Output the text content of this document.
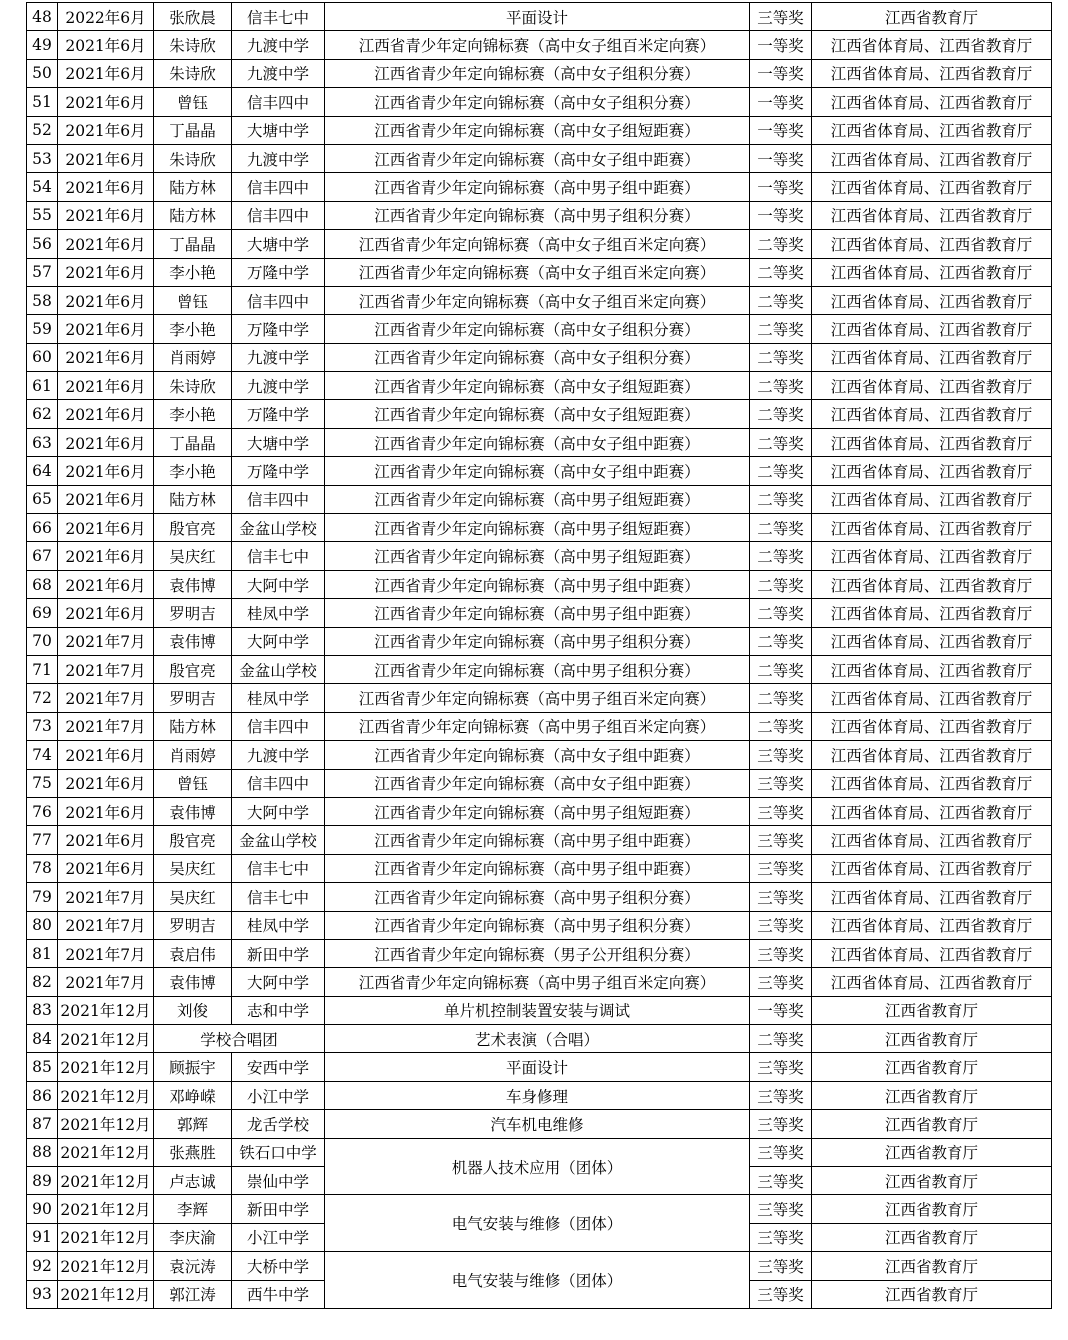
48	2022年6月	张欣晨	信丰七中	平面设计	三等奖	江西省教育厅
49	2021年6月	朱诗欣	九渡中学	江西省青少年定向锦标赛（高中女子组百米定向赛）	一等奖	江西省体育局、江西省教育厅
50	2021年6月	朱诗欣	九渡中学	江西省青少年定向锦标赛（高中女子组积分赛）	一等奖	江西省体育局、江西省教育厅
51	2021年6月	曾钰	信丰四中	江西省青少年定向锦标赛（高中女子组积分赛）	一等奖	江西省体育局、江西省教育厅
52	2021年6月	丁晶晶	大塘中学	江西省青少年定向锦标赛（高中女子组短距赛）	一等奖	江西省体育局、江西省教育厅
53	2021年6月	朱诗欣	九渡中学	江西省青少年定向锦标赛（高中女子组中距赛）	一等奖	江西省体育局、江西省教育厅
54	2021年6月	陆方林	信丰四中	江西省青少年定向锦标赛（高中男子组中距赛）	一等奖	江西省体育局、江西省教育厅
55	2021年6月	陆方林	信丰四中	江西省青少年定向锦标赛（高中男子组积分赛）	一等奖	江西省体育局、江西省教育厅
56	2021年6月	丁晶晶	大塘中学	江西省青少年定向锦标赛（高中女子组百米定向赛）	二等奖	江西省体育局、江西省教育厅
57	2021年6月	李小艳	万隆中学	江西省青少年定向锦标赛（高中女子组百米定向赛）	二等奖	江西省体育局、江西省教育厅
58	2021年6月	曾钰	信丰四中	江西省青少年定向锦标赛（高中女子组百米定向赛）	二等奖	江西省体育局、江西省教育厅
59	2021年6月	李小艳	万隆中学	江西省青少年定向锦标赛（高中女子组积分赛）	二等奖	江西省体育局、江西省教育厅
60	2021年6月	肖雨婷	九渡中学	江西省青少年定向锦标赛（高中女子组积分赛）	二等奖	江西省体育局、江西省教育厅
61	2021年6月	朱诗欣	九渡中学	江西省青少年定向锦标赛（高中女子组短距赛）	二等奖	江西省体育局、江西省教育厅
62	2021年6月	李小艳	万隆中学	江西省青少年定向锦标赛（高中女子组短距赛）	二等奖	江西省体育局、江西省教育厅
63	2021年6月	丁晶晶	大塘中学	江西省青少年定向锦标赛（高中女子组中距赛）	二等奖	江西省体育局、江西省教育厅
64	2021年6月	李小艳	万隆中学	江西省青少年定向锦标赛（高中女子组中距赛）	二等奖	江西省体育局、江西省教育厅
65	2021年6月	陆方林	信丰四中	江西省青少年定向锦标赛（高中男子组短距赛）	二等奖	江西省体育局、江西省教育厅
66	2021年6月	殷官亮	金盆山学校	江西省青少年定向锦标赛（高中男子组短距赛）	二等奖	江西省体育局、江西省教育厅
67	2021年6月	吴庆红	信丰七中	江西省青少年定向锦标赛（高中男子组短距赛）	二等奖	江西省体育局、江西省教育厅
68	2021年6月	袁伟博	大阿中学	江西省青少年定向锦标赛（高中男子组中距赛）	二等奖	江西省体育局、江西省教育厅
69	2021年6月	罗明吉	桂凤中学	江西省青少年定向锦标赛（高中男子组中距赛）	二等奖	江西省体育局、江西省教育厅
70	2021年7月	袁伟博	大阿中学	江西省青少年定向锦标赛（高中男子组积分赛）	二等奖	江西省体育局、江西省教育厅
71	2021年7月	殷官亮	金盆山学校	江西省青少年定向锦标赛（高中男子组积分赛）	二等奖	江西省体育局、江西省教育厅
72	2021年7月	罗明吉	桂凤中学	江西省青少年定向锦标赛（高中男子组百米定向赛）	二等奖	江西省体育局、江西省教育厅
73	2021年7月	陆方林	信丰四中	江西省青少年定向锦标赛（高中男子组百米定向赛）	二等奖	江西省体育局、江西省教育厅
74	2021年6月	肖雨婷	九渡中学	江西省青少年定向锦标赛（高中女子组中距赛）	三等奖	江西省体育局、江西省教育厅
75	2021年6月	曾钰	信丰四中	江西省青少年定向锦标赛（高中女子组中距赛）	三等奖	江西省体育局、江西省教育厅
76	2021年6月	袁伟博	大阿中学	江西省青少年定向锦标赛（高中男子组短距赛）	三等奖	江西省体育局、江西省教育厅
77	2021年6月	殷官亮	金盆山学校	江西省青少年定向锦标赛（高中男子组中距赛）	三等奖	江西省体育局、江西省教育厅
78	2021年6月	吴庆红	信丰七中	江西省青少年定向锦标赛（高中男子组中距赛）	三等奖	江西省体育局、江西省教育厅
79	2021年7月	吴庆红	信丰七中	江西省青少年定向锦标赛（高中男子组积分赛）	三等奖	江西省体育局、江西省教育厅
80	2021年7月	罗明吉	桂凤中学	江西省青少年定向锦标赛（高中男子组积分赛）	三等奖	江西省体育局、江西省教育厅
81	2021年7月	袁启伟	新田中学	江西省青少年定向锦标赛（男子公开组积分赛）	三等奖	江西省体育局、江西省教育厅
82	2021年7月	袁伟博	大阿中学	江西省青少年定向锦标赛（高中男子组百米定向赛）	三等奖	江西省体育局、江西省教育厅
83	2021年12月	刘俊	志和中学	单片机控制装置安装与调试	一等奖	江西省教育厅
84	2021年12月	学校合唱团		艺术表演（合唱）	二等奖	江西省教育厅
85	2021年12月	顾振宇	安西中学	平面设计	三等奖	江西省教育厅
86	2021年12月	邓峥嵘	小江中学	车身修理	三等奖	江西省教育厅
87	2021年12月	郭辉	龙舌学校	汽车机电维修	三等奖	江西省教育厅
88	2021年12月	张燕胜	铁石口中学	机器人技术应用（团体）	三等奖	江西省教育厅
89	2021年12月	卢志诚	崇仙中学		三等奖	江西省教育厅
90	2021年12月	李辉	新田中学	电气安装与维修（团体）	三等奖	江西省教育厅
91	2021年12月	李庆渝	小江中学		三等奖	江西省教育厅
92	2021年12月	袁沅涛	大桥中学	电气安装与维修（团体）	三等奖	江西省教育厅
93	2021年12月	郭江涛	西牛中学		三等奖	江西省教育厅
